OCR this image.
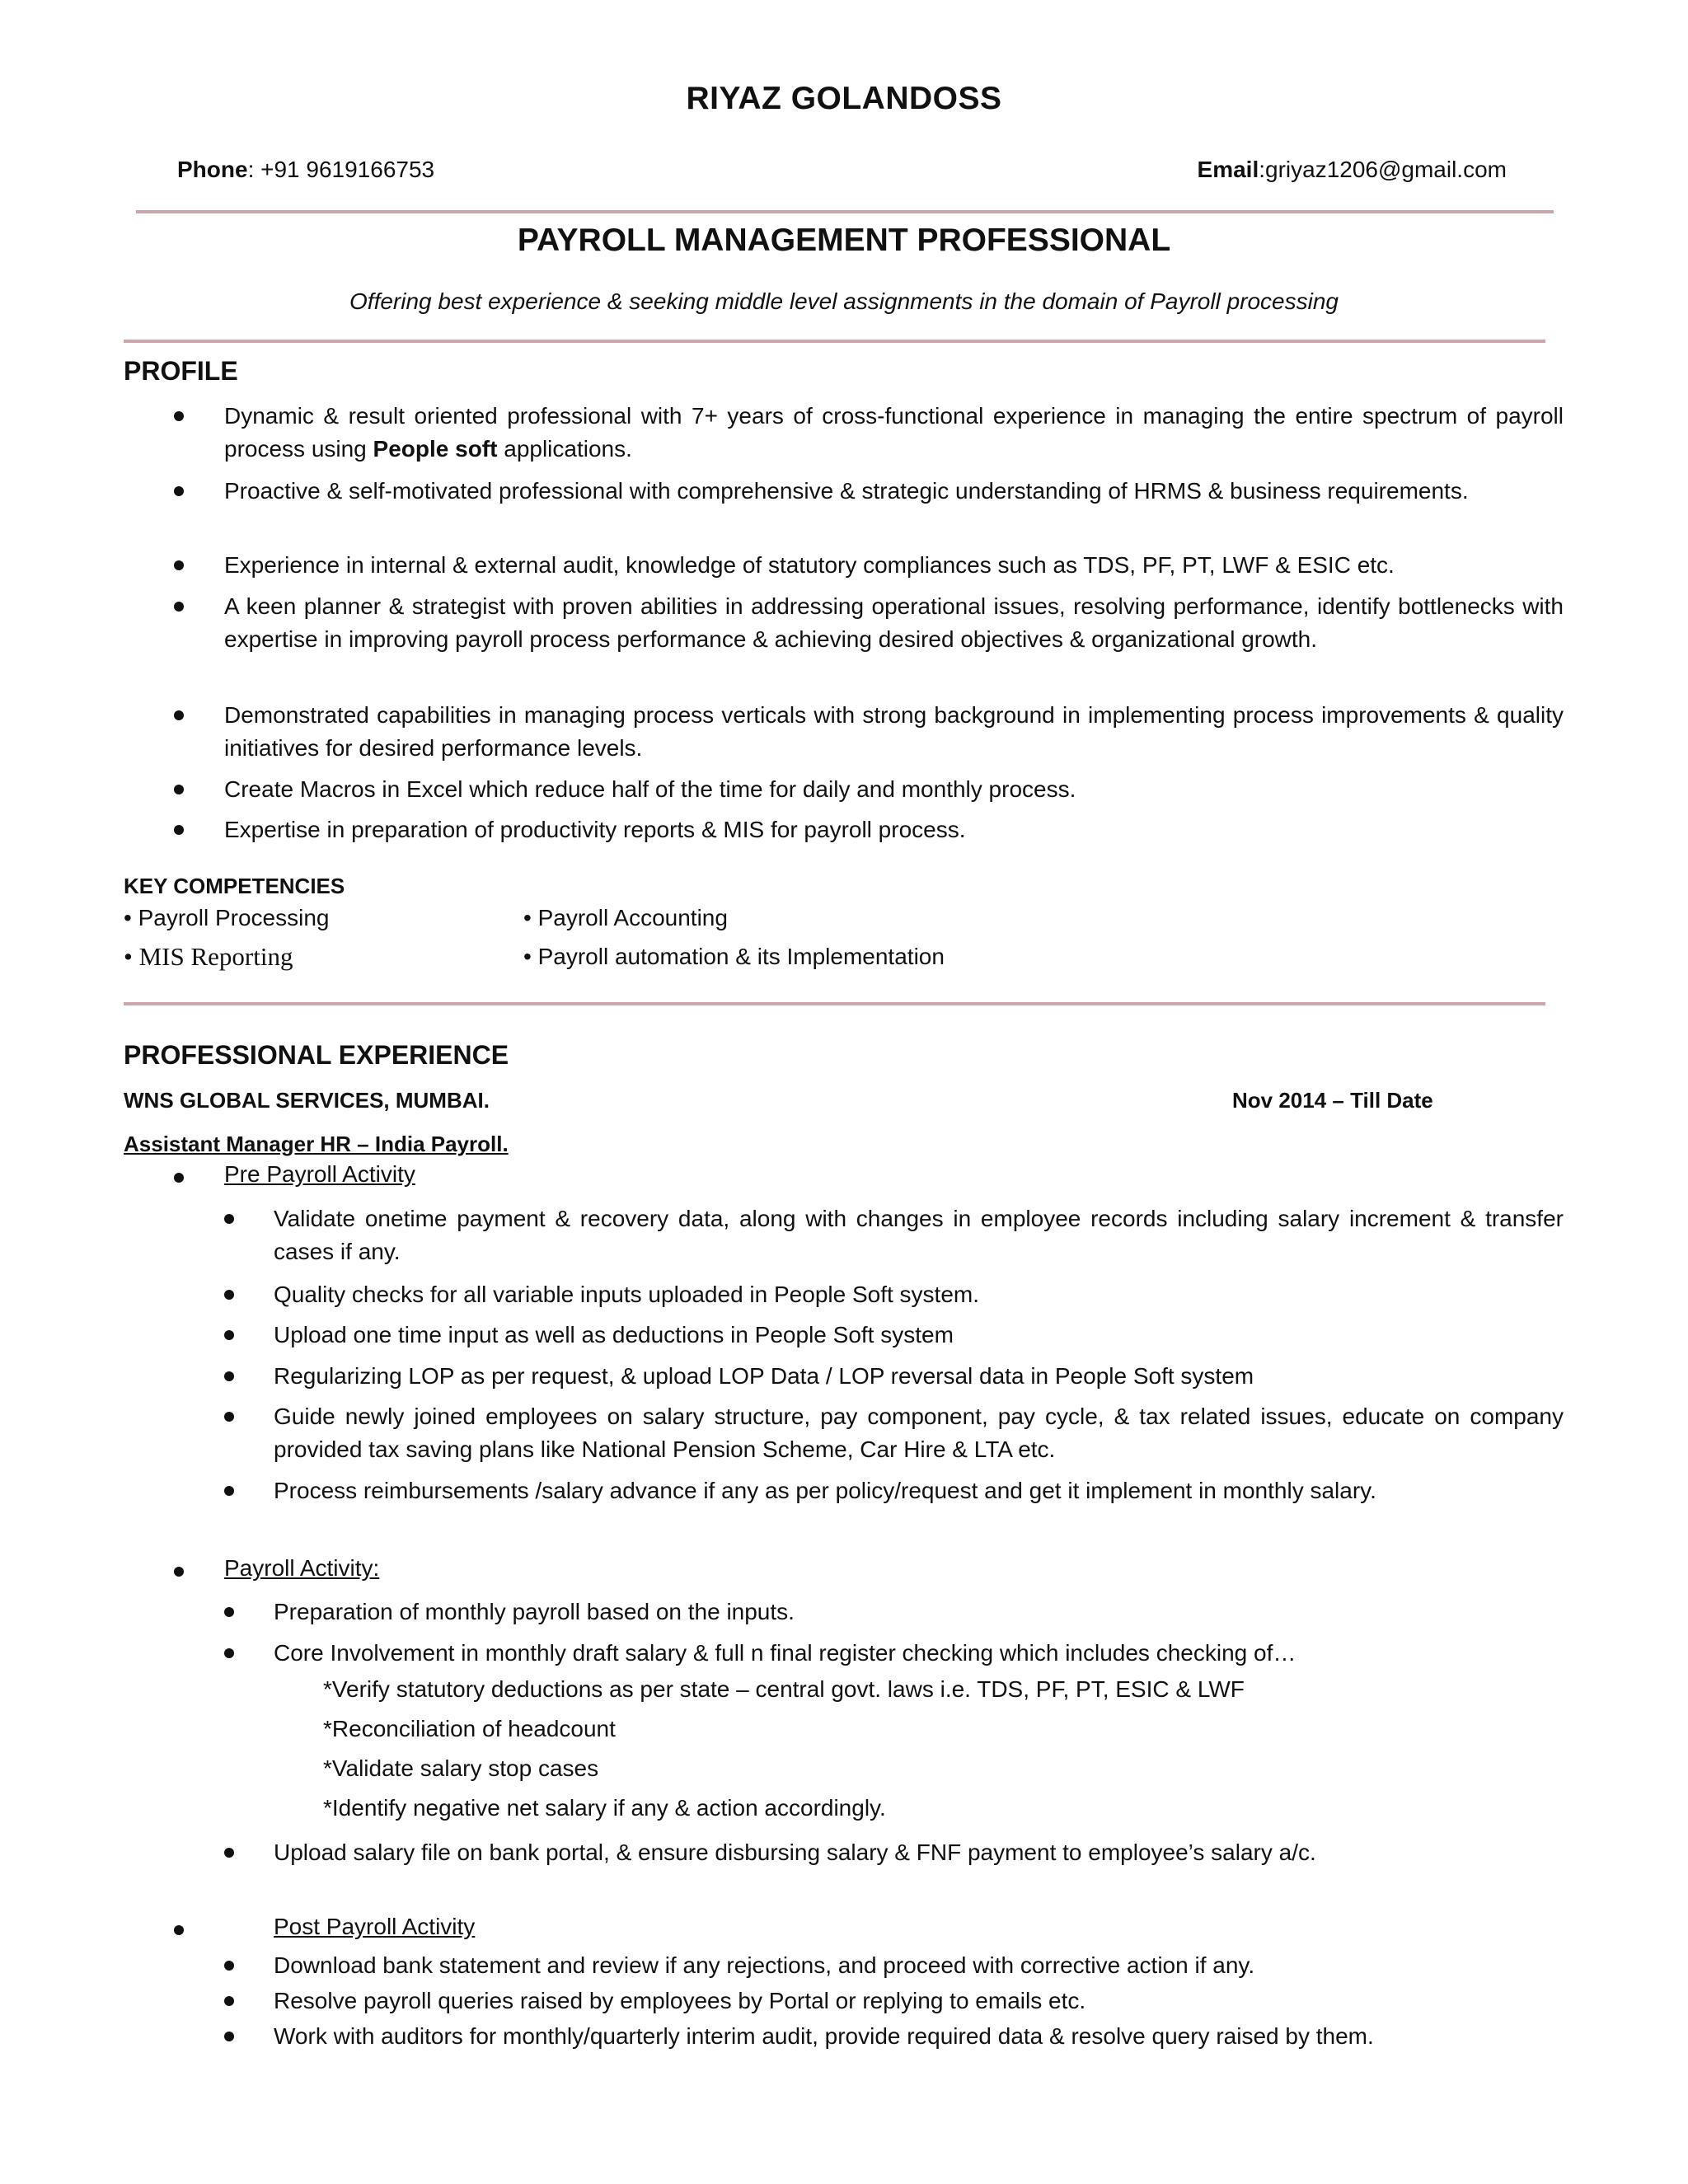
RIYAZ GOLANDOSS
Phone: +91 9619166753	Email:griyaz1206@gmail.com
PAYROLL MANAGEMENT PROFESSIONAL
Offering best experience & seeking middle level assignments in the domain of Payroll processing
PROFILE
Dynamic & result oriented professional with 7+ years of cross-functional experience in managing the entire spectrum of payroll process using People soft applications.
Proactive & self-motivated professional with comprehensive & strategic understanding of HRMS & business requirements.
Experience in internal & external audit, knowledge of statutory compliances such as TDS, PF, PT, LWF & ESIC etc.
A keen planner & strategist with proven abilities in addressing operational issues, resolving performance, identify bottlenecks with expertise in improving payroll process performance & achieving desired objectives & organizational growth.
Demonstrated capabilities in managing process verticals with strong background in implementing process improvements & quality initiatives for desired performance levels.
Create Macros in Excel which reduce half of the time for daily and monthly process.
Expertise in preparation of productivity reports & MIS for payroll process.
KEY COMPETENCIES
• Payroll Processing	• Payroll Accounting
• MIS Reporting	• Payroll automation & its Implementation
PROFESSIONAL EXPERIENCE
WNS GLOBAL SERVICES, MUMBAI.	Nov 2014 – Till Date
Assistant Manager HR – India Payroll.
Pre Payroll Activity
Validate onetime payment & recovery data, along with changes in employee records including salary increment & transfer cases if any.
Quality checks for all variable inputs uploaded in People Soft system.
Upload one time input as well as deductions in People Soft system
Regularizing LOP as per request, & upload LOP Data / LOP reversal data in People Soft system
Guide newly joined employees on salary structure, pay component, pay cycle, & tax related issues, educate on company provided tax saving plans like National Pension Scheme, Car Hire & LTA etc.
Process reimbursements /salary advance if any as per policy/request and get it implement in monthly salary.
Payroll Activity:
Preparation of monthly payroll based on the inputs.
Core Involvement in monthly draft salary & full n final register checking which includes checking of…
*Verify statutory deductions as per state – central govt. laws i.e. TDS, PF, PT, ESIC & LWF
*Reconciliation of headcount
*Validate salary stop cases
*Identify negative net salary if any & action accordingly.
Upload salary file on bank portal, & ensure disbursing salary & FNF payment to employee’s salary a/c.
Post Payroll Activity
Download bank statement and review if any rejections, and proceed with corrective action if any.
Resolve payroll queries raised by employees by Portal or replying to emails etc.
Work with auditors for monthly/quarterly interim audit, provide required data & resolve query raised by them.
